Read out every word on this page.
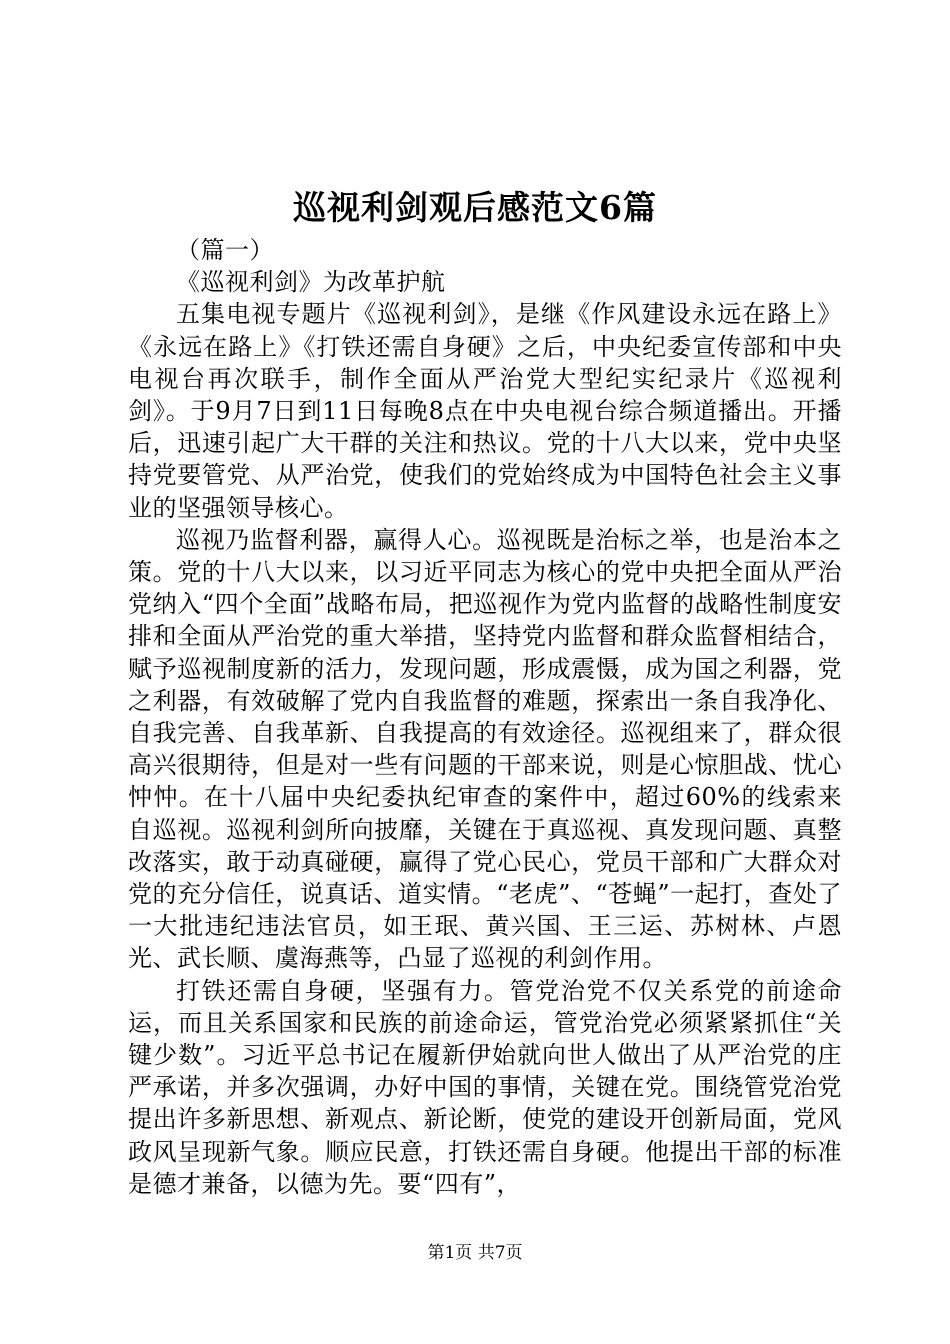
巡视利剑观后感范文6篇

（篇一）

《巡视利剑》为改革护航

五集电视专题片《巡视利剑》，是继《作风建设永远在路上》《永远在路上》《打铁还需自身硬》之后，中央纪委宣传部和中央电视台再次联手，制作全面从严治党大型纪实纪录片《巡视利剑》。于9月7日到11日每晚8点在中央电视台综合频道播出。开播后，迅速引起广大干群的关注和热议。党的十八大以来，党中央坚持党要管党、从严治党，使我们的党始终成为中国特色社会主义事业的坚强领导核心。

巡视乃监督利器，赢得人心。巡视既是治标之举，也是治本之策。党的十八大以来，以习近平同志为核心的党中央把全面从严治党纳入“四个全面”战略布局，把巡视作为党内监督的战略性制度安排和全面从严治党的重大举措，坚持党内监督和群众监督相结合，赋予巡视制度新的活力，发现问题，形成震慑，成为国之利器，党之利器，有效破解了党内自我监督的难题，探索出一条自我净化、自我完善、自我革新、自我提高的有效途径。巡视组来了，群众很高兴很期待，但是对一些有问题的干部来说，则是心惊胆战、忧心忡忡。在十八届中央纪委执纪审查的案件中，超过60%的线索来自巡视。巡视利剑所向披靡，关键在于真巡视、真发现问题、真整改落实，敢于动真碰硬，赢得了党心民心，党员干部和广大群众对党的充分信任，说真话、道实情。“老虎”、“苍蝇”一起打，查处了一大批违纪违法官员，如王珉、黄兴国、王三运、苏树林、卢恩光、武长顺、虞海燕等，凸显了巡视的利剑作用。

打铁还需自身硬，坚强有力。管党治党不仅关系党的前途命运，而且关系国家和民族的前途命运，管党治党必须紧紧抓住“关键少数”。习近平总书记在履新伊始就向世人做出了从严治党的庄严承诺，并多次强调，办好中国的事情，关键在党。围绕管党治党提出许多新思想、新观点、新论断，使党的建设开创新局面，党风政风呈现新气象。顺应民意，打铁还需自身硬。他提出干部的标准是德才兼备，以德为先。要“四有”，

第1页 共7页
